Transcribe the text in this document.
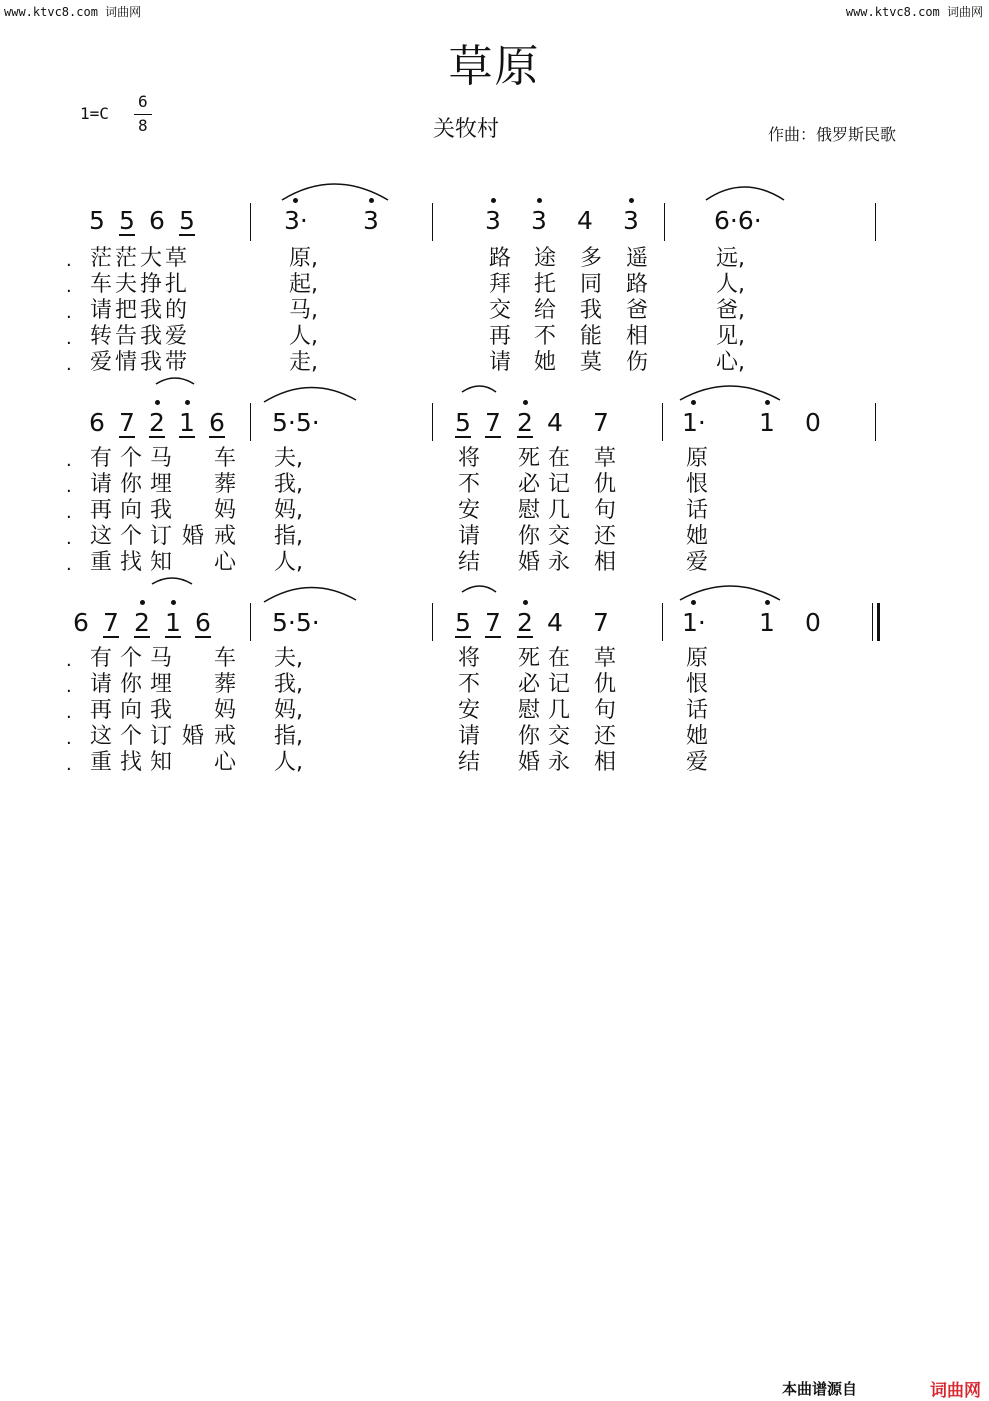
www.ktvc8.com 词曲网	www.ktvc8.com 词曲网
草原
1=C
6
8	关牧村	作曲：俄罗斯民歌
5 5 6 5	3·	3	3 3 4 3	6·6·
.
.
.
.
.
茫茫大草	原,	路 途 多 遥	远,
车夫挣扎	起,	拜 托 同 路	人,
请把我的	马,	交 给 我 爸	爸,
转告我爱	人,	再 不 能 相	见,
爱情我带	走,	请 她 莫 伤	心,
6 7 2 1 6 5·5·	5 7 2 4 7	1· 1 0
.
.
.
.
.
有 个 马 车 夫,	将 死 在 草	原
请 你 埋 葬 我,	不 必 记 仇	恨
再 向 我 妈 妈,	安 慰 几 句	话
这 个 订 婚 戒 指,	请 你 交 还	她
重 找 知 心 人,	结 婚 永 相	爱
6 7 2 1 6 5·5·	5 7 2 4 7	1· 1 0
.
.
.
.
.
有 个 马 车 夫,	将 死 在 草	原
请 你 埋 葬 我,	不 必 记 仇	恨
再 向 我 妈 妈,	安 慰 几 句	话
这 个 订 婚 戒 指,	请 你 交 还	她
重 找 知 心 人,	结 婚 永 相	爱
本曲谱源自	词曲网
